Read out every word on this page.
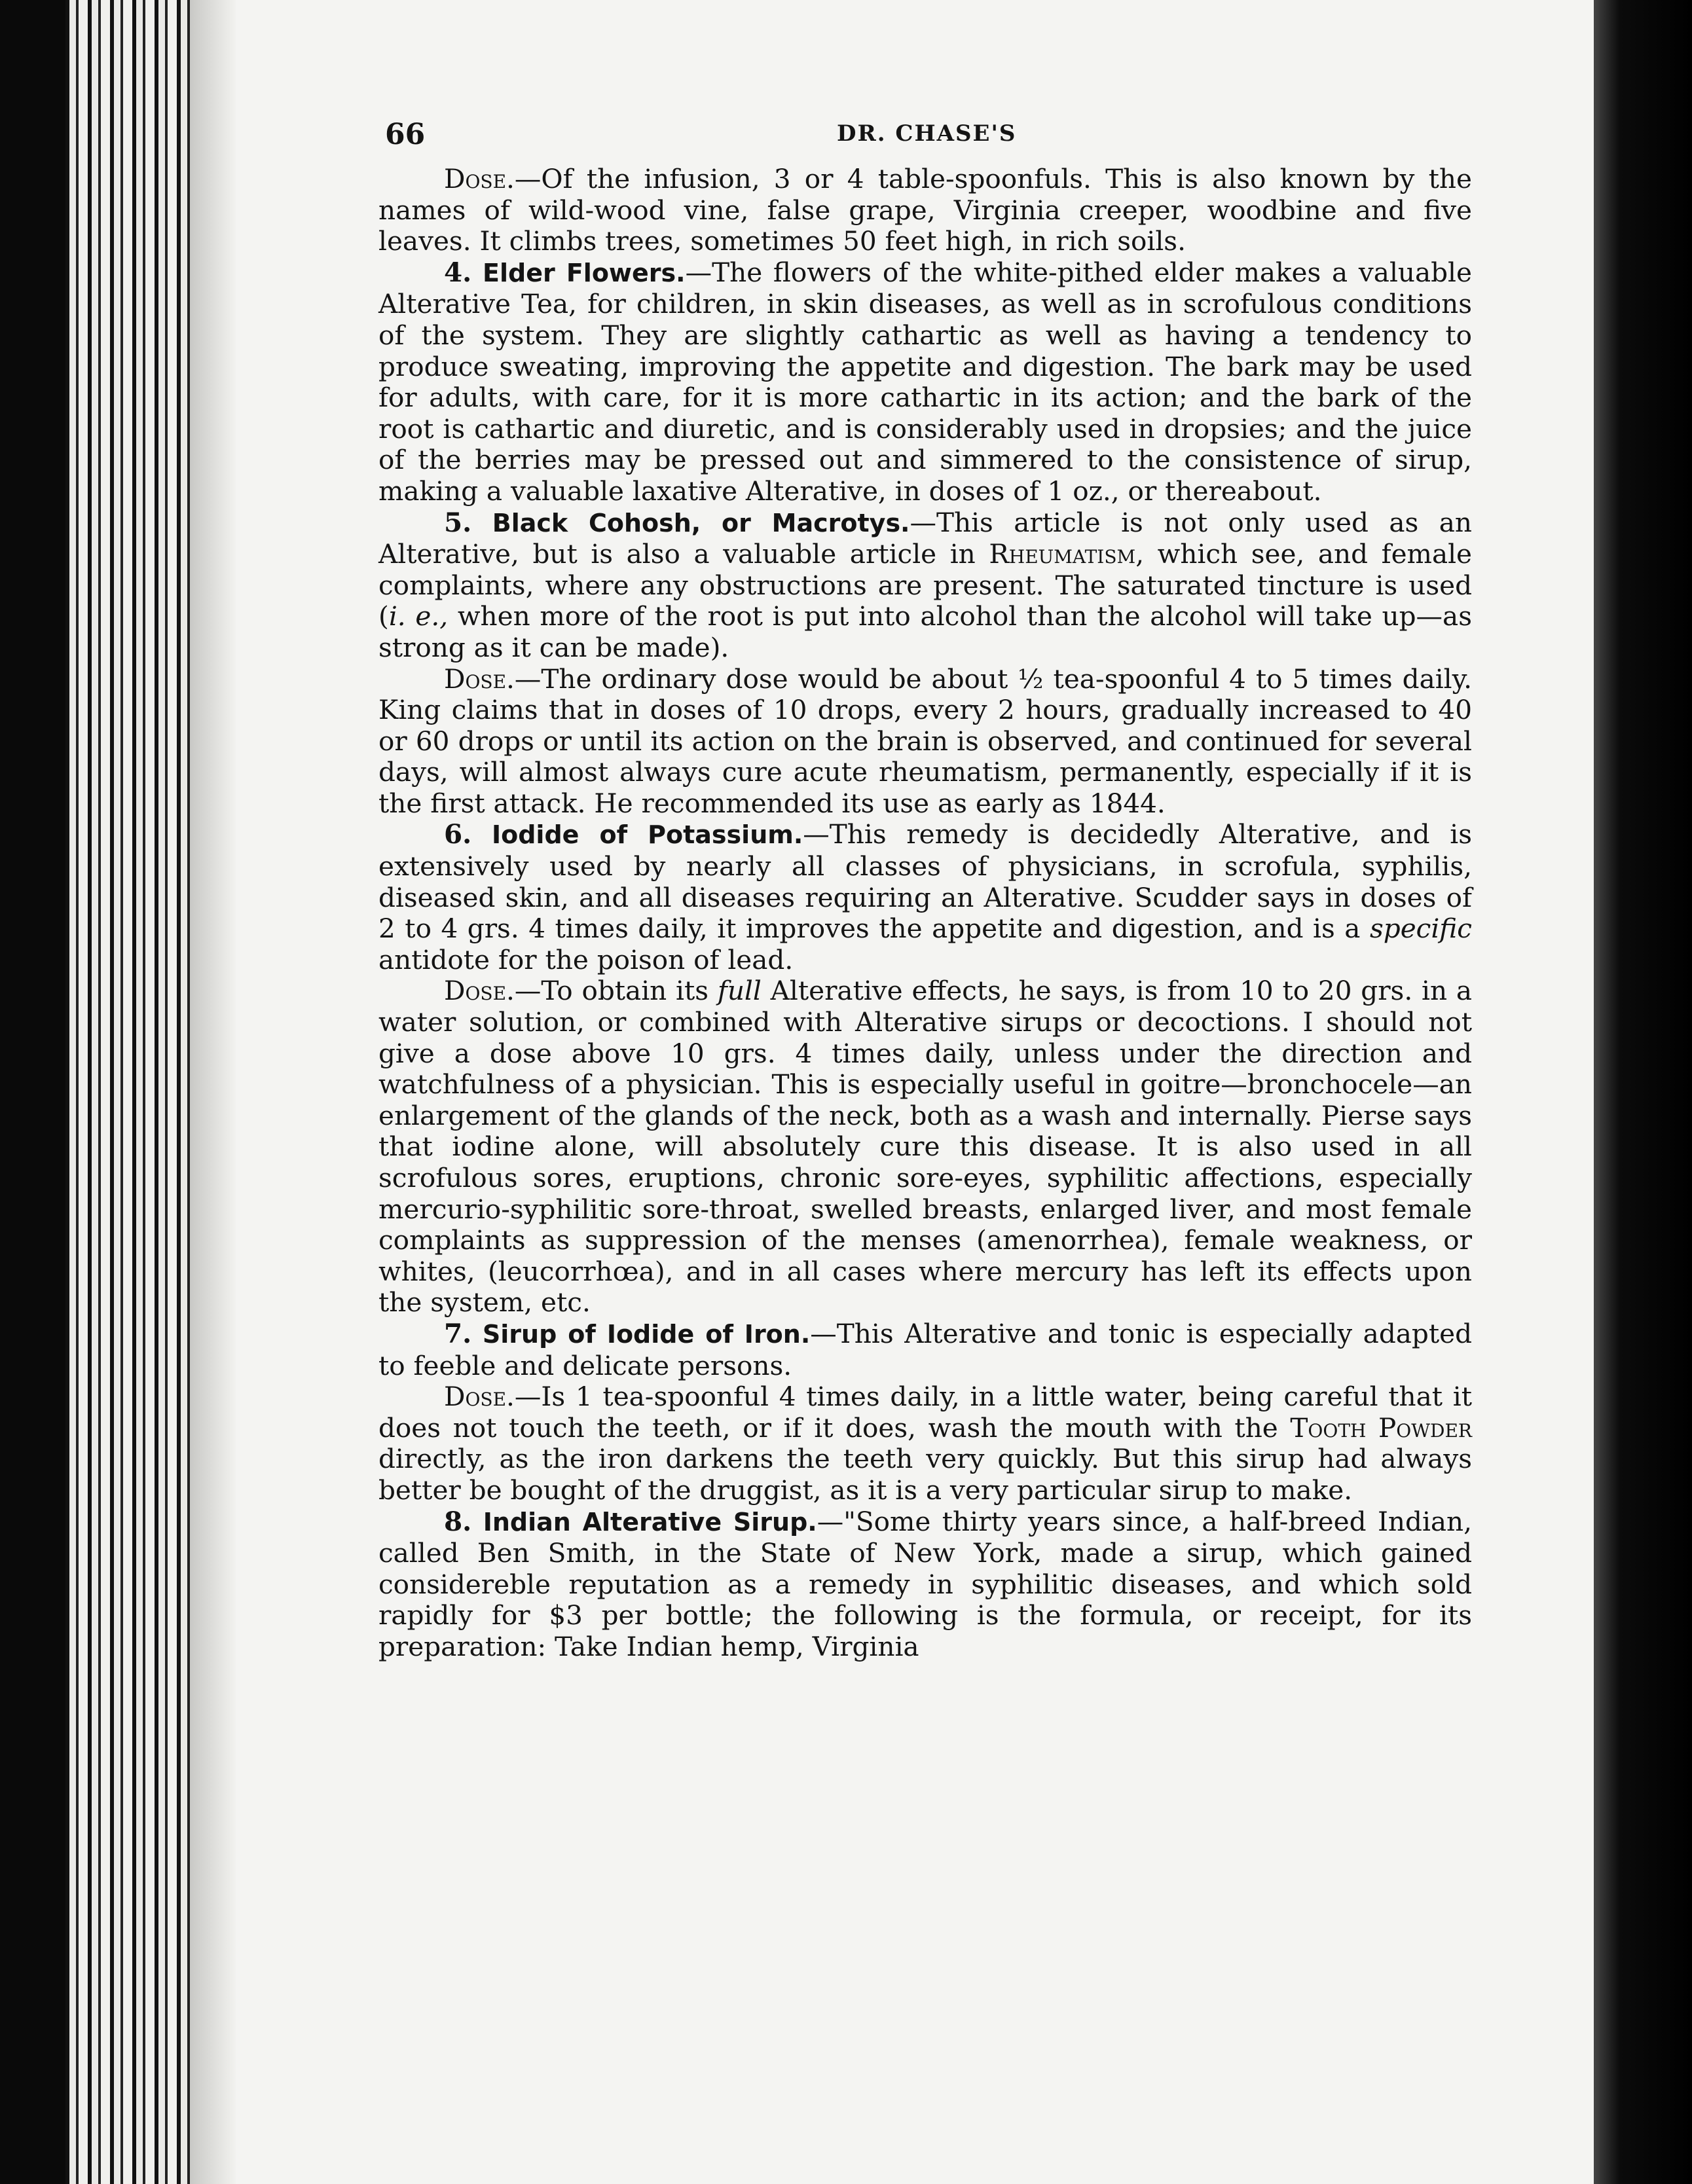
66	DR. CHASE'S

Dose.—Of the infusion, 3 or 4 table-spoonfuls. This is also known by the names of wild-wood vine, false grape, Virginia creeper, woodbine and five leaves. It climbs trees, sometimes 50 feet high, in rich soils.

4. Elder Flowers.—The flowers of the white-pithed elder makes a valuable Alterative Tea, for children, in skin diseases, as well as in scrofulous conditions of the system. They are slightly cathartic as well as having a tendency to produce sweating, improving the appetite and digestion. The bark may be used for adults, with care, for it is more cathartic in its action; and the bark of the root is cathartic and diuretic, and is considerably used in dropsies; and the juice of the berries may be pressed out and simmered to the consistence of sirup, making a valuable laxative Alterative, in doses of 1 oz., or thereabout.

5. Black Cohosh, or Macrotys.—This article is not only used as an Alterative, but is also a valuable article in Rheumatism, which see, and female complaints, where any obstructions are present. The saturated tincture is used (i. e., when more of the root is put into alcohol than the alcohol will take up—as strong as it can be made).

Dose.—The ordinary dose would be about ½ tea-spoonful 4 to 5 times daily. King claims that in doses of 10 drops, every 2 hours, gradually increased to 40 or 60 drops or until its action on the brain is observed, and continued for several days, will almost always cure acute rheumatism, permanently, especially if it is the first attack. He recommended its use as early as 1844.

6. Iodide of Potassium.—This remedy is decidedly Alterative, and is extensively used by nearly all classes of physicians, in scrofula, syphilis, diseased skin, and all diseases requiring an Alterative. Scudder says in doses of 2 to 4 grs. 4 times daily, it improves the appetite and digestion, and is a specific antidote for the poison of lead.

Dose.—To obtain its full Alterative effects, he says, is from 10 to 20 grs. in a water solution, or combined with Alterative sirups or decoctions. I should not give a dose above 10 grs. 4 times daily, unless under the direction and watchfulness of a physician. This is especially useful in goitre—bronchocele—an enlargement of the glands of the neck, both as a wash and internally. Pierse says that iodine alone, will absolutely cure this disease. It is also used in all scrofulous sores, eruptions, chronic sore-eyes, syphilitic affections, especially mercurio-syphilitic sore-throat, swelled breasts, enlarged liver, and most female complaints as suppression of the menses (amenorrhea), female weakness, or whites, (leucorrhœa), and in all cases where mercury has left its effects upon the system, etc.

7. Sirup of Iodide of Iron.—This Alterative and tonic is especially adapted to feeble and delicate persons.

Dose.—Is 1 tea-spoonful 4 times daily, in a little water, being careful that it does not touch the teeth, or if it does, wash the mouth with the Tooth Powder directly, as the iron darkens the teeth very quickly. But this sirup had always better be bought of the druggist, as it is a very particular sirup to make.

8. Indian Alterative Sirup.—"Some thirty years since, a half-breed Indian, called Ben Smith, in the State of New York, made a sirup, which gained considereble reputation as a remedy in syphilitic diseases, and which sold rapidly for $3 per bottle; the following is the formula, or receipt, for its preparation: Take Indian hemp, Virginia
